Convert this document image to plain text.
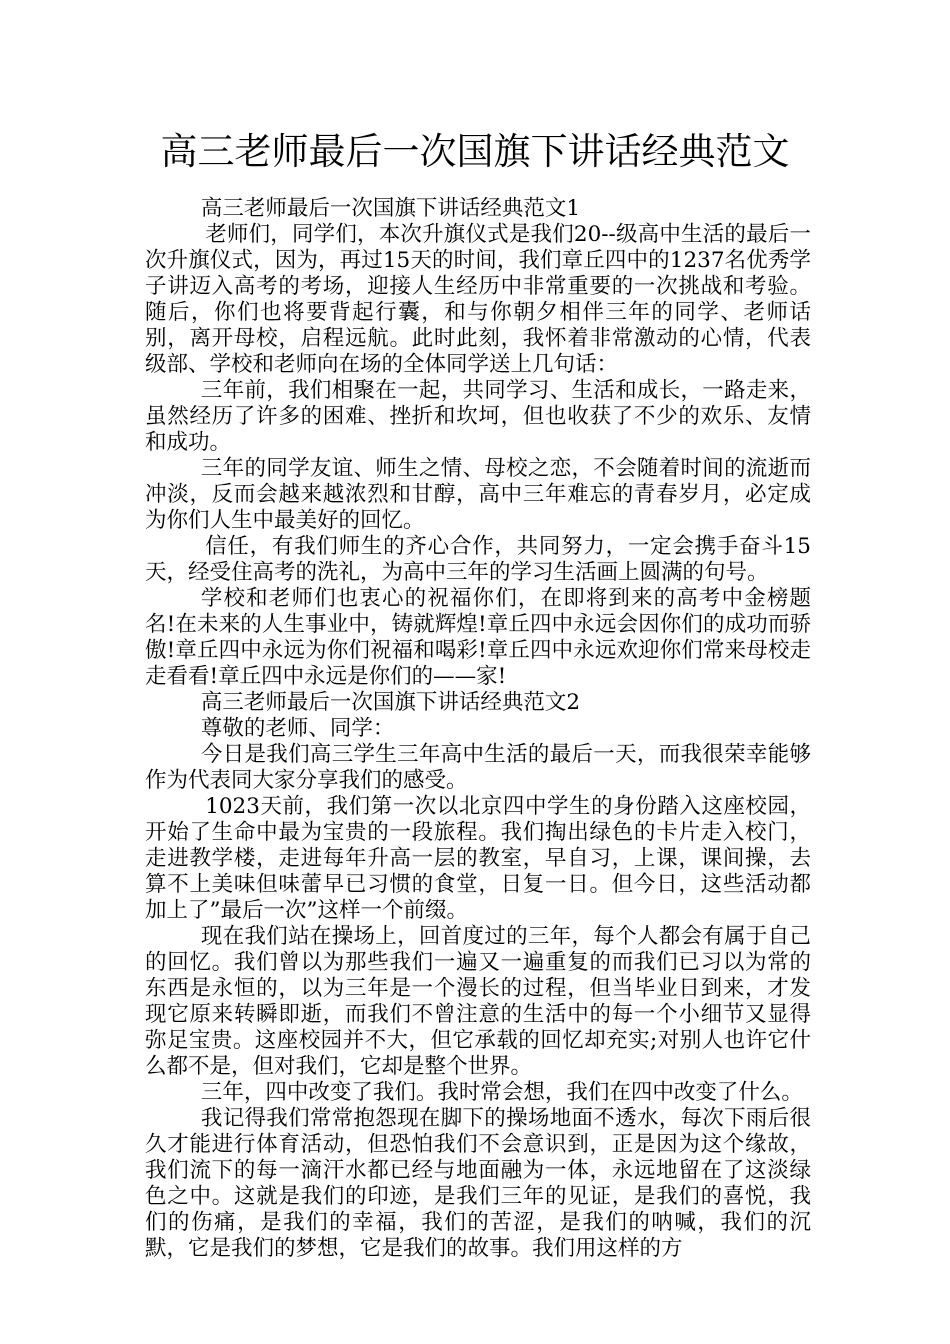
高三老师最后一次国旗下讲话经典范文

高三老师最后一次国旗下讲话经典范文1

老师们，同学们，本次升旗仪式是我们20--级高中生活的最后一次升旗仪式，因为，再过15天的时间，我们章丘四中的1237名优秀学子讲迈入高考的考场，迎接人生经历中非常重要的一次挑战和考验。随后，你们也将要背起行囊，和与你朝夕相伴三年的同学、老师话别，离开母校，启程远航。此时此刻，我怀着非常激动的心情，代表级部、学校和老师向在场的全体同学送上几句话：

三年前，我们相聚在一起，共同学习、生活和成长，一路走来，虽然经历了许多的困难、挫折和坎坷，但也收获了不少的欢乐、友情和成功。

三年的同学友谊、师生之情、母校之恋，不会随着时间的流逝而冲淡，反而会越来越浓烈和甘醇，高中三年难忘的青春岁月，必定成为你们人生中最美好的回忆。

信任，有我们师生的齐心合作，共同努力，一定会携手奋斗15天，经受住高考的洗礼，为高中三年的学习生活画上圆满的句号。

学校和老师们也衷心的祝福你们，在即将到来的高考中金榜题名!在未来的人生事业中，铸就辉煌!章丘四中永远会因你们的成功而骄傲!章丘四中永远为你们祝福和喝彩!章丘四中永远欢迎你们常来母校走走看看!章丘四中永远是你们的——家!

高三老师最后一次国旗下讲话经典范文2

尊敬的老师、同学：

今日是我们高三学生三年高中生活的最后一天，而我很荣幸能够作为代表同大家分享我们的感受。

1023天前，我们第一次以北京四中学生的身份踏入这座校园，开始了生命中最为宝贵的一段旅程。我们掏出绿色的卡片走入校门，走进教学楼，走进每年升高一层的教室，早自习，上课，课间操，去算不上美味但味蕾早已习惯的食堂，日复一日。但今日，这些活动都加上了”最后一次”这样一个前缀。

现在我们站在操场上，回首度过的三年，每个人都会有属于自己的回忆。我们曾以为那些我们一遍又一遍重复的而我们已习以为常的东西是永恒的，以为三年是一个漫长的过程，但当毕业日到来，才发现它原来转瞬即逝，而我们不曾注意的生活中的每一个小细节又显得弥足宝贵。这座校园并不大，但它承载的回忆却充实;对别人也许它什么都不是，但对我们，它却是整个世界。

三年，四中改变了我们。我时常会想，我们在四中改变了什么。

我记得我们常常抱怨现在脚下的操场地面不透水，每次下雨后很久才能进行体育活动，但恐怕我们不会意识到，正是因为这个缘故，我们流下的每一滴汗水都已经与地面融为一体，永远地留在了这淡绿色之中。这就是我们的印迹，是我们三年的见证，是我们的喜悦，我们的伤痛，是我们的幸福，我们的苦涩，是我们的呐喊，我们的沉默，它是我们的梦想，它是我们的故事。我们用这样的方
